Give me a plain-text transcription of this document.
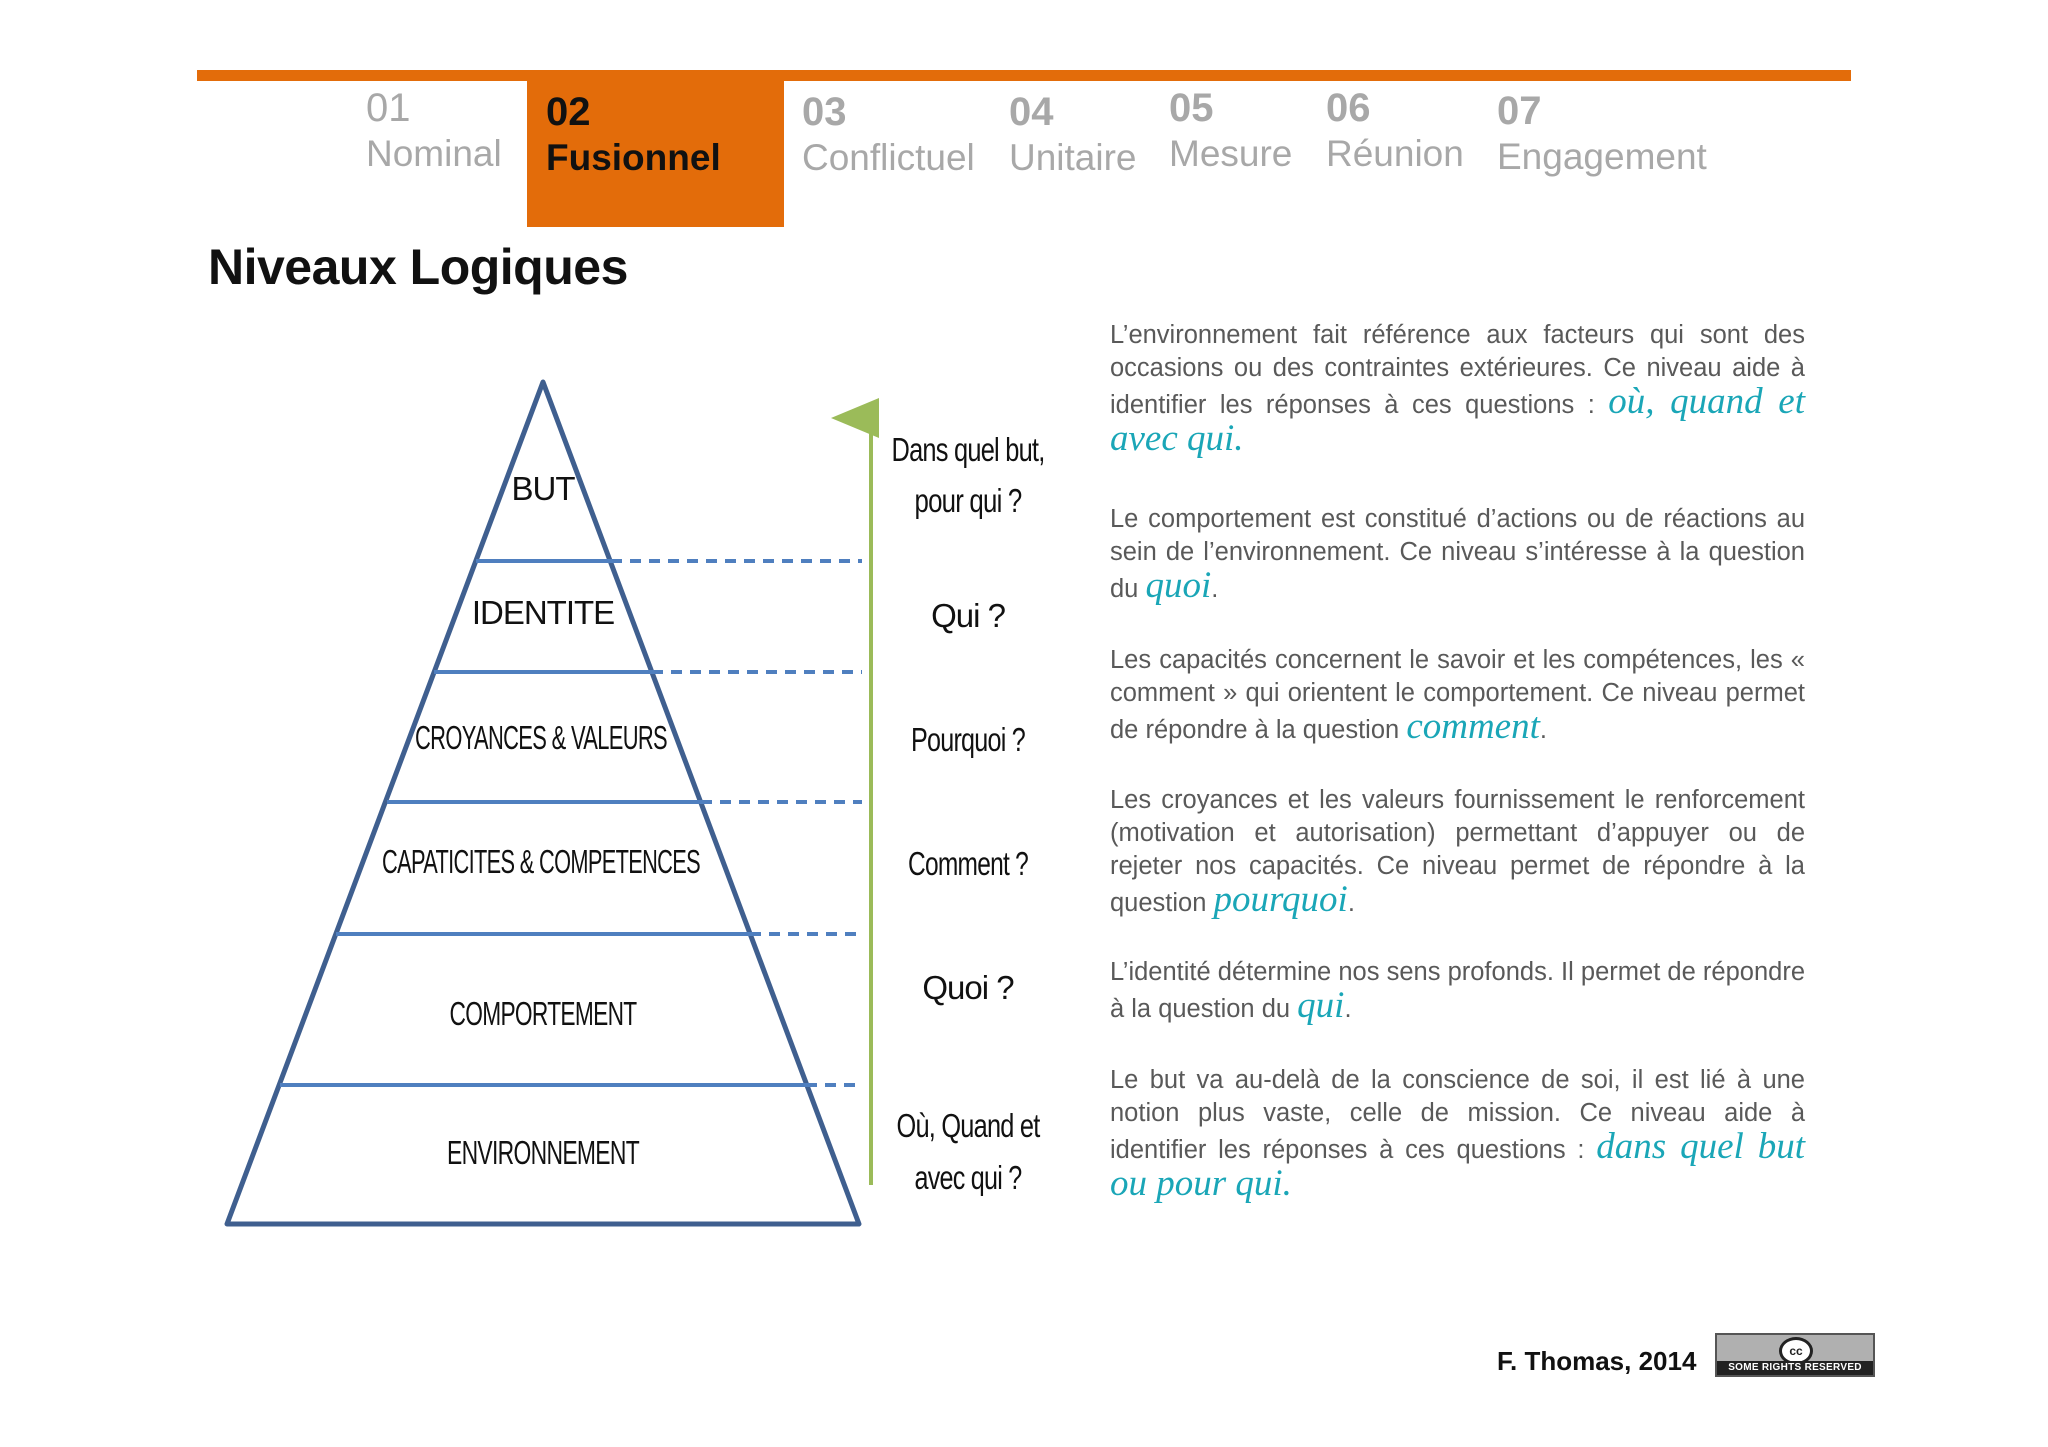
01
Nominal
02
Fusionnel
03
Conflictuel
04
Unitaire
05
Mesure
06
Réunion
07
Engagement
Niveaux Logiques
BUT
IDENTITE
CROYANCES & VALEURS
CAPATICITES & COMPETENCES
COMPORTEMENT
ENVIRONNEMENT
Dans quel but,
pour qui ?
Qui ?
Pourquoi ?
Comment ?
Quoi ?
Où, Quand et
avec qui ?
L’environnement fait référence aux facteurs qui sont des occasions ou des contraintes extérieures. Ce niveau aide à identifier les réponses à ces questions : où, quand et avec qui.
Le comportement est constitué d’actions ou de réactions au sein de l’environnement. Ce niveau s’intéresse à la question du quoi.
Les capacités concernent le savoir et les compétences, les « comment » qui orientent le comportement. Ce niveau permet de répondre à la question comment.
Les croyances et les valeurs fournissement le renforcement (motivation et autorisation) permettant d’appuyer ou de rejeter nos capacités. Ce niveau permet de répondre à la question pourquoi.
L’identité détermine nos sens profonds. Il permet de répondre à la question du qui.
Le but va au-delà de la conscience de soi, il est lié à une notion plus vaste, celle de mission. Ce niveau aide à identifier les réponses à ces questions : dans quel but ou pour qui.
F. Thomas, 2014	cc
SOME RIGHTS RESERVED
